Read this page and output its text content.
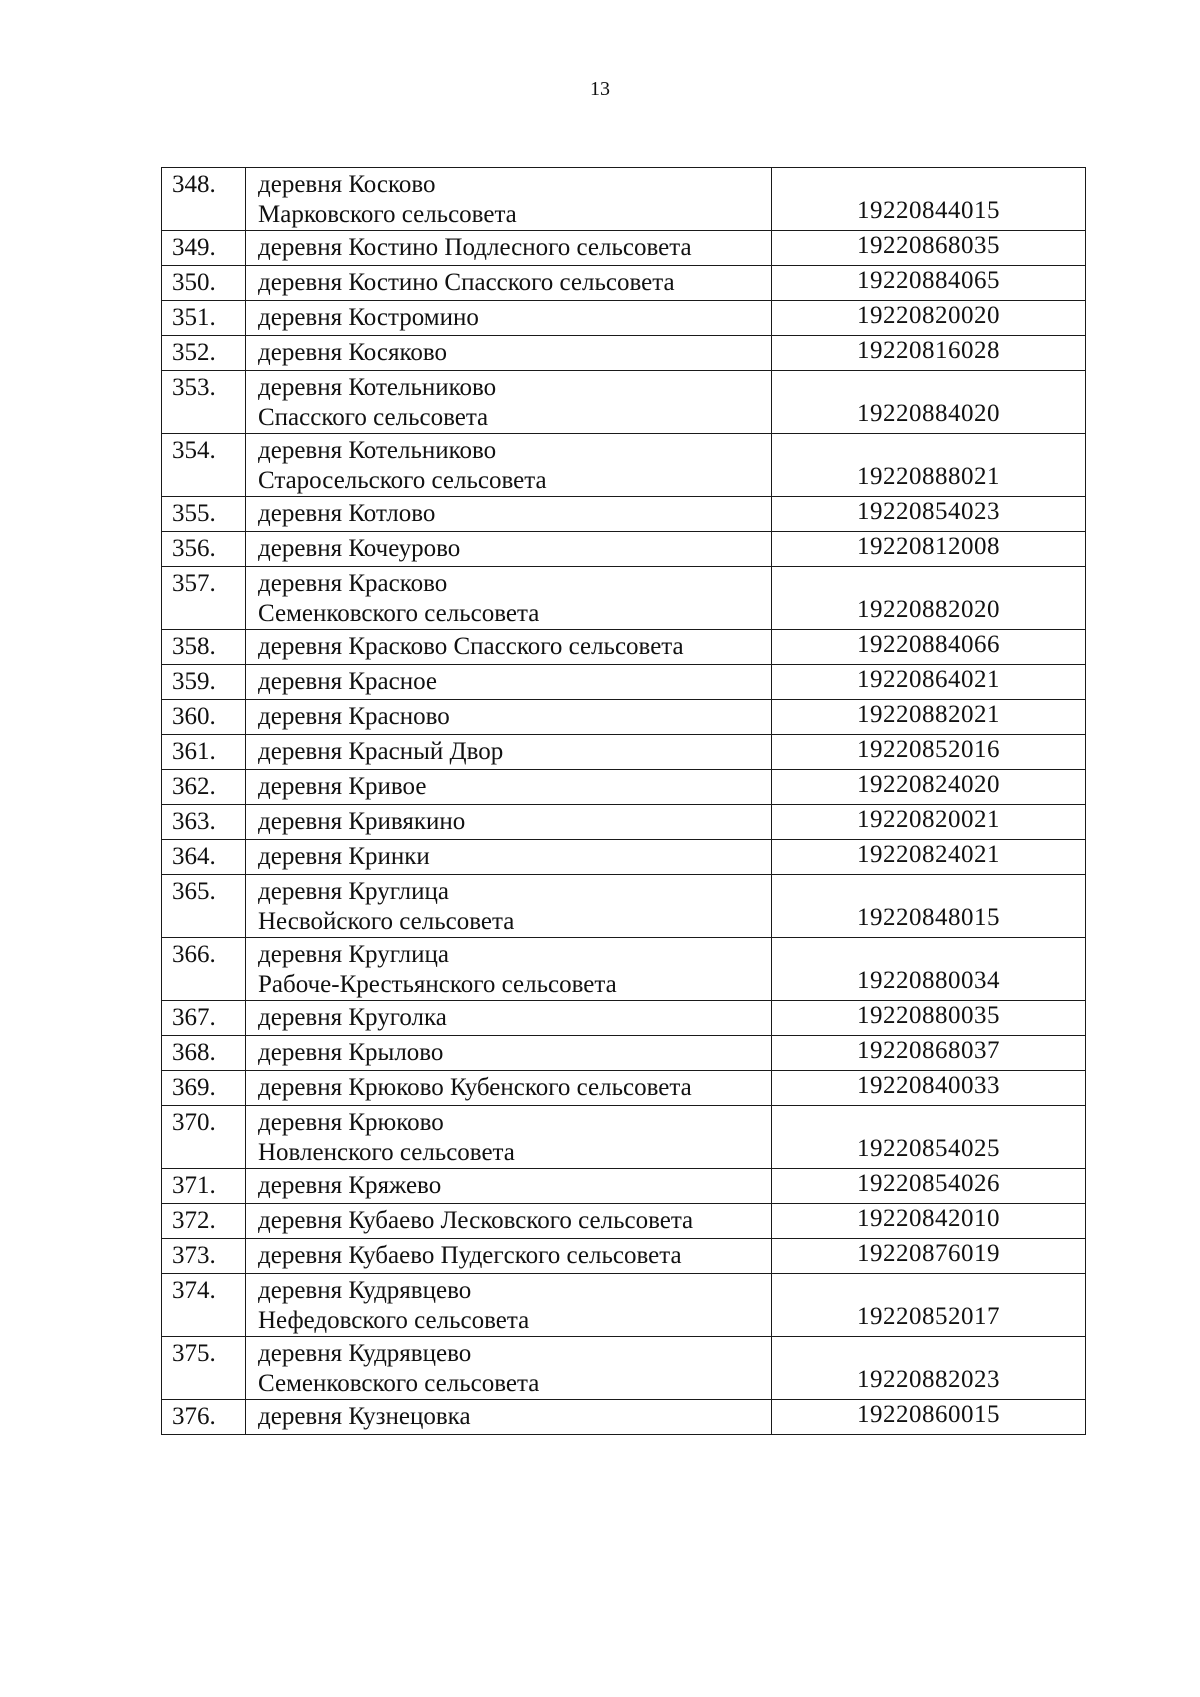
13
348.	деревня Косково
Марковского сельсовета	19220844015
349.	деревня Костино Подлесного сельсовета	19220868035
350.	деревня Костино Спасского сельсовета	19220884065
351.	деревня Костромино	19220820020
352.	деревня Косяково	19220816028
353.	деревня Котельниково
Спасского сельсовета	19220884020
354.	деревня Котельниково
Старосельского сельсовета	19220888021
355.	деревня Котлово	19220854023
356.	деревня Кочеурово	19220812008
357.	деревня Красково
Семенковского сельсовета	19220882020
358.	деревня Красково Спасского сельсовета	19220884066
359.	деревня Красное	19220864021
360.	деревня Красново	19220882021
361.	деревня Красный Двор	19220852016
362.	деревня Кривое	19220824020
363.	деревня Кривякино	19220820021
364.	деревня Кринки	19220824021
365.	деревня Круглица
Несвойского сельсовета	19220848015
366.	деревня Круглица
Рабоче-Крестьянского сельсовета	19220880034
367.	деревня Круголка	19220880035
368.	деревня Крылово	19220868037
369.	деревня Крюково Кубенского сельсовета	19220840033
370.	деревня Крюково
Новленского сельсовета	19220854025
371.	деревня Кряжево	19220854026
372.	деревня Кубаево Лесковского сельсовета	19220842010
373.	деревня Кубаево Пудегского сельсовета	19220876019
374.	деревня Кудрявцево
Нефедовского сельсовета	19220852017
375.	деревня Кудрявцево
Семенковского сельсовета	19220882023
376.	деревня Кузнецовка	19220860015
